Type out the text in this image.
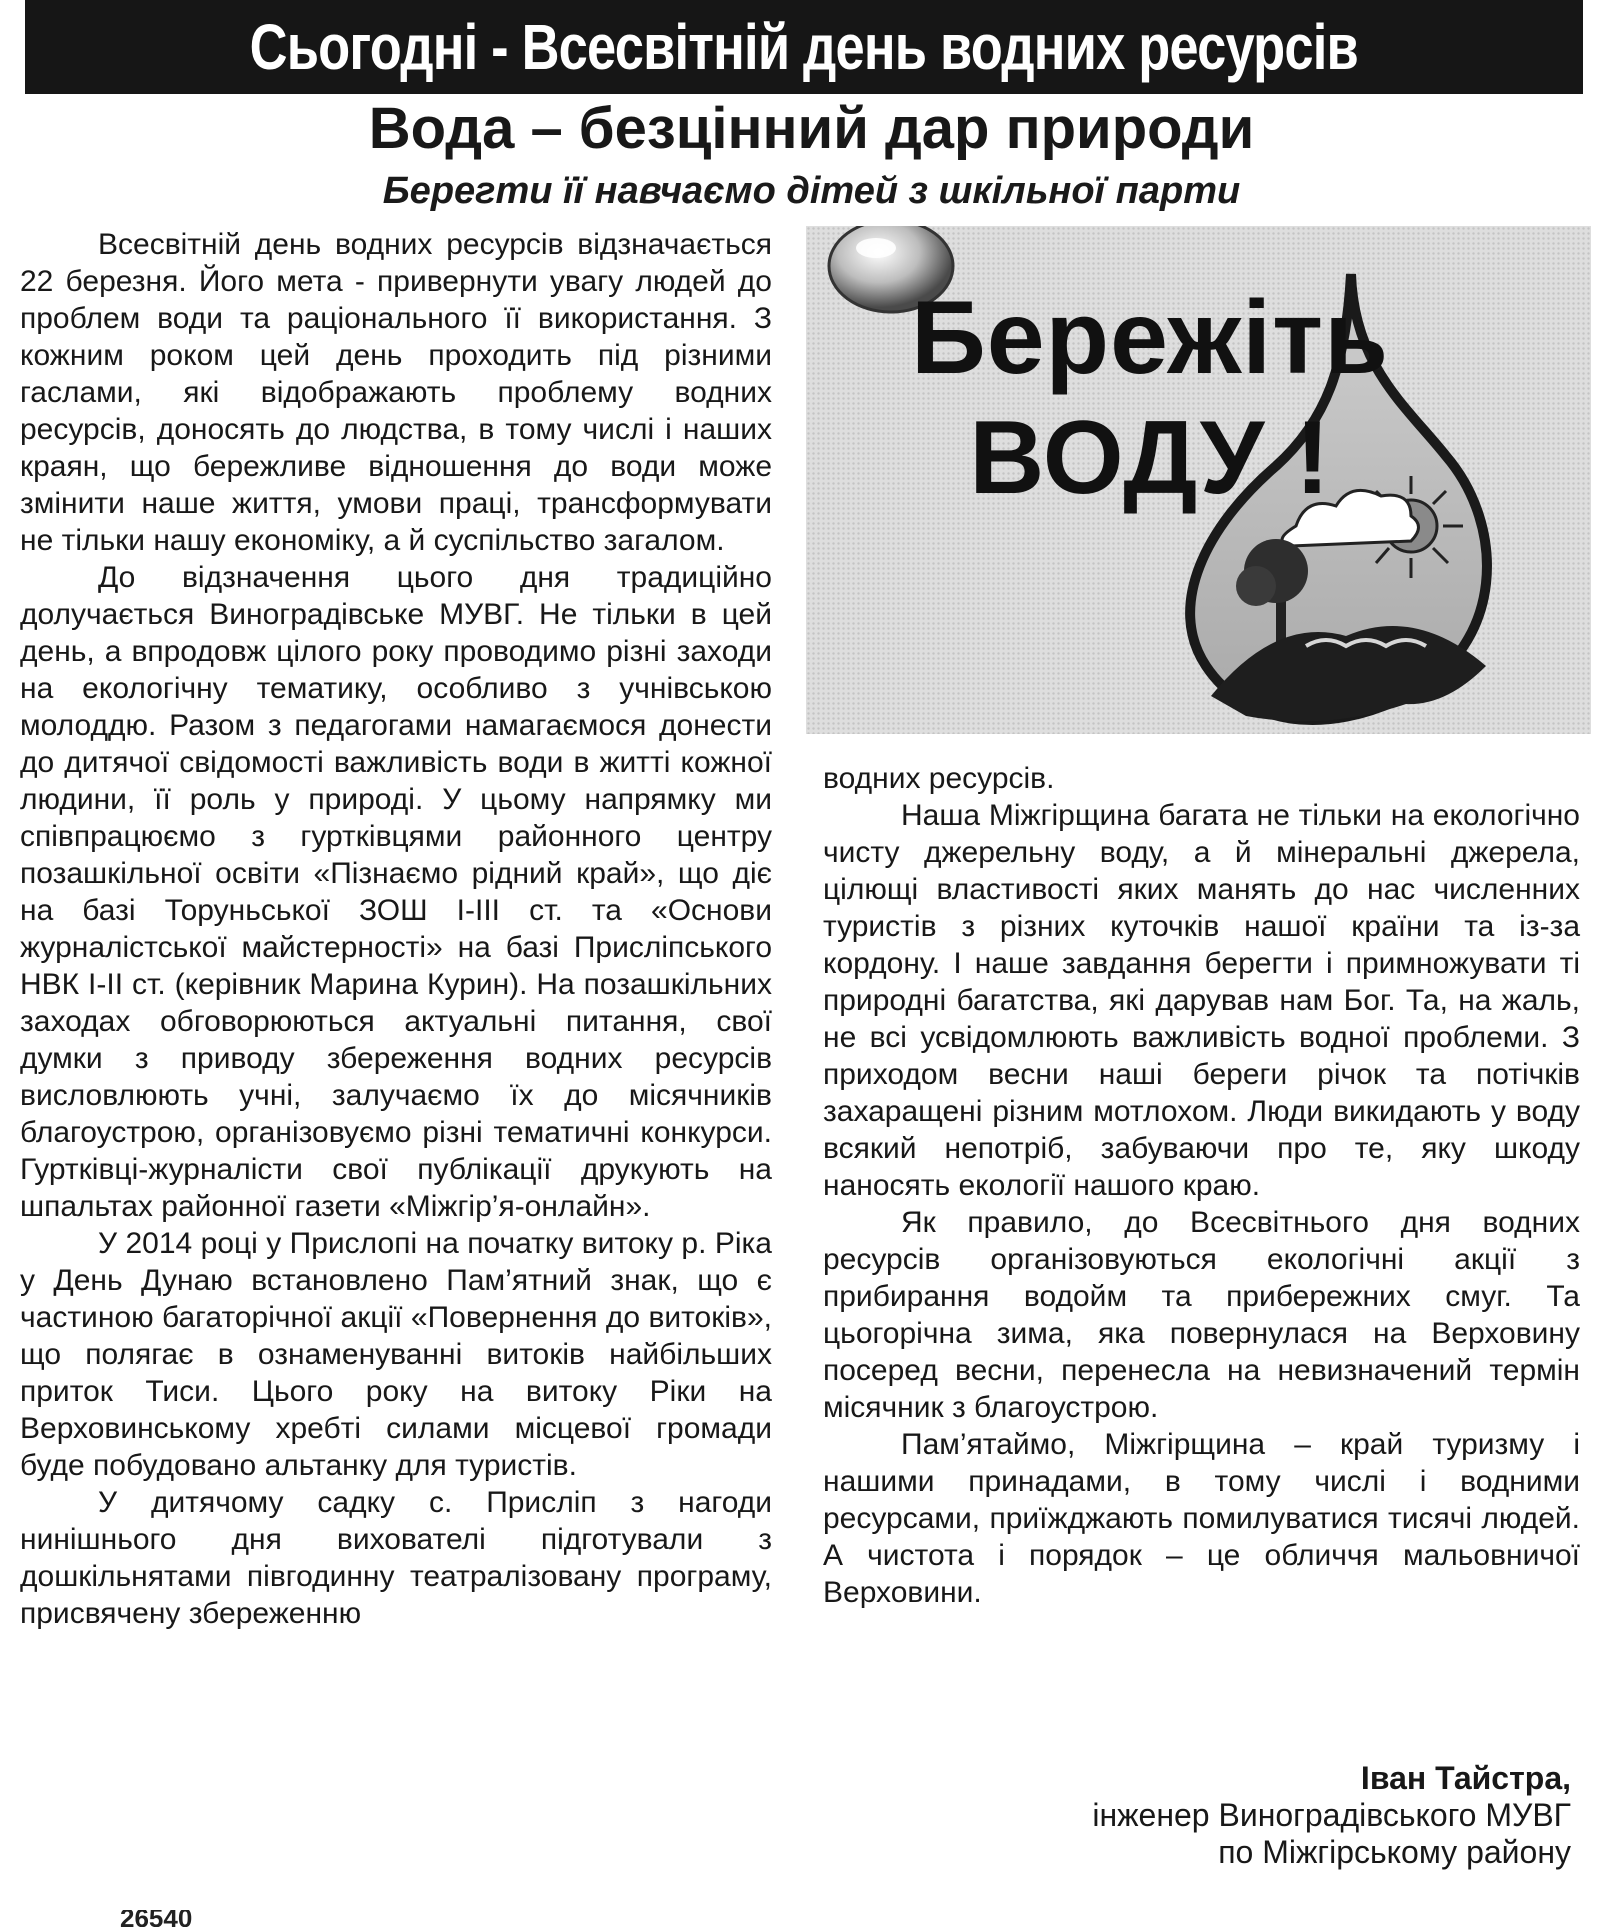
Сьогодні - Всесвітній день водних ресурсів
Вода – безцінний дар природи
Берегти її навчаємо дітей з шкільної парти

Всесвітній день водних ресурсів відзначається 22 березня. Його мета - привернути увагу людей до проблем води та раціонального її використання. З кожним роком цей день проходить під різними гаслами, які відображають проблему водних ресурсів, доносять до людства, в тому числі і наших краян, що бережливе відношення до води може змінити наше життя, умови праці, трансформувати не тільки нашу економіку, а й суспільство загалом.

До відзначення цього дня традиційно долучається Виноградівське МУВГ. Не тільки в цей день, а впродовж цілого року проводимо різні заходи на екологічну тематику, особливо з учнівською молоддю. Разом з педагогами намагаємося донести до дитячої свідомості важливість води в житті кожної людини, її роль у природі. У цьому напрямку ми співпрацюємо з гуртківцями районного центру позашкільної освіти «Пізнаємо рідний край», що діє на базі Торуньської ЗОШ І-ІІІ ст. та «Основи журналістської майстерності» на базі Присліпського НВК І-ІІ ст. (керівник Марина Курин). На позашкільних заходах обговорюються актуальні питання, свої думки з приводу збереження водних ресурсів висловлюють учні, залучаємо їх до місячників благоустрою, організовуємо різні тематичні конкурси. Гуртківці-журналісти свої публікації друкують на шпальтах районної газети «Міжгір’я-онлайн».

У 2014 році у Прислопі на початку витоку р. Ріка у День Дунаю встановлено Пам’ятний знак, що є частиною багаторічної акції «Повернення до витоків», що полягає в ознаменуванні витоків найбільших приток Тиси. Цього року на витоку Ріки на Верховинському хребті силами місцевої громади буде побудовано альтанку для туристів.

У дитячому садку с. Присліп з нагоди нинішнього дня вихователі підготували з дошкільнятами півгодинну театралізовану програму, присвячену збереженню

Бережіть
ВОДУ !

водних ресурсів.

Наша Міжгірщина багата не тільки на екологічно чисту джерельну воду, а й мінеральні джерела, цілющі властивості яких манять до нас численних туристів з різних куточків нашої країни та із-за кордону. І наше завдання берегти і примножувати ті природні багатства, які дарував нам Бог. Та, на жаль, не всі усвідомлюють важливість водної проблеми. З приходом весни наші береги річок та потічків захаращені різним мотлохом. Люди викидають у воду всякий непотріб, забуваючи про те, яку шкоду наносять екології нашого краю.

Як правило, до Всесвітнього дня водних ресурсів організовуються екологічні акції з прибирання водойм та прибережних смуг. Та цьогорічна зима, яка повернулася на Верховину посеред весни, перенесла на невизначений термін місячник з благоустрою.

Пам’ятаймо, Міжгірщина – край туризму і нашими принадами, в тому числі і водними ресурсами, приїжджають помилуватися тисячі людей. А чистота і порядок – це обличчя мальовничої Верховини.

Іван Тайстра,
інженер Виноградівського МУВГ
по Міжгірському району
26540
